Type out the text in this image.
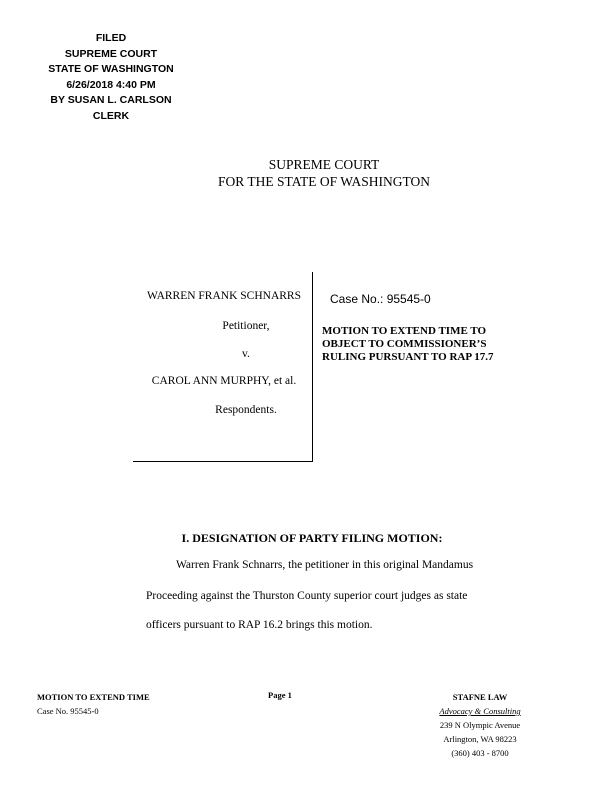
FILED
SUPREME COURT
STATE OF WASHINGTON
6/26/2018 4:40 PM
BY SUSAN L. CARLSON
CLERK
SUPREME COURT
FOR THE STATE OF WASHINGTON
WARREN FRANK SCHNARRS
Petitioner,
v.
CAROL ANN MURPHY, et al.
Respondents.
Case No.: 95545-0
MOTION TO EXTEND TIME TO
OBJECT TO COMMISSIONER’S
RULING PURSUANT TO RAP 17.7
I. DESIGNATION OF PARTY FILING MOTION:
Warren Frank Schnarrs, the petitioner in this original Mandamus
Proceeding against the Thurston County superior court judges as state
officers pursuant to RAP 16.2 brings this motion.
MOTION TO EXTEND TIME
Case No. 95545-0
Page 1	STAFNE LAW
Advocacy & Consulting
239 N Olympic Avenue
Arlington, WA 98223
(360) 403 - 8700
